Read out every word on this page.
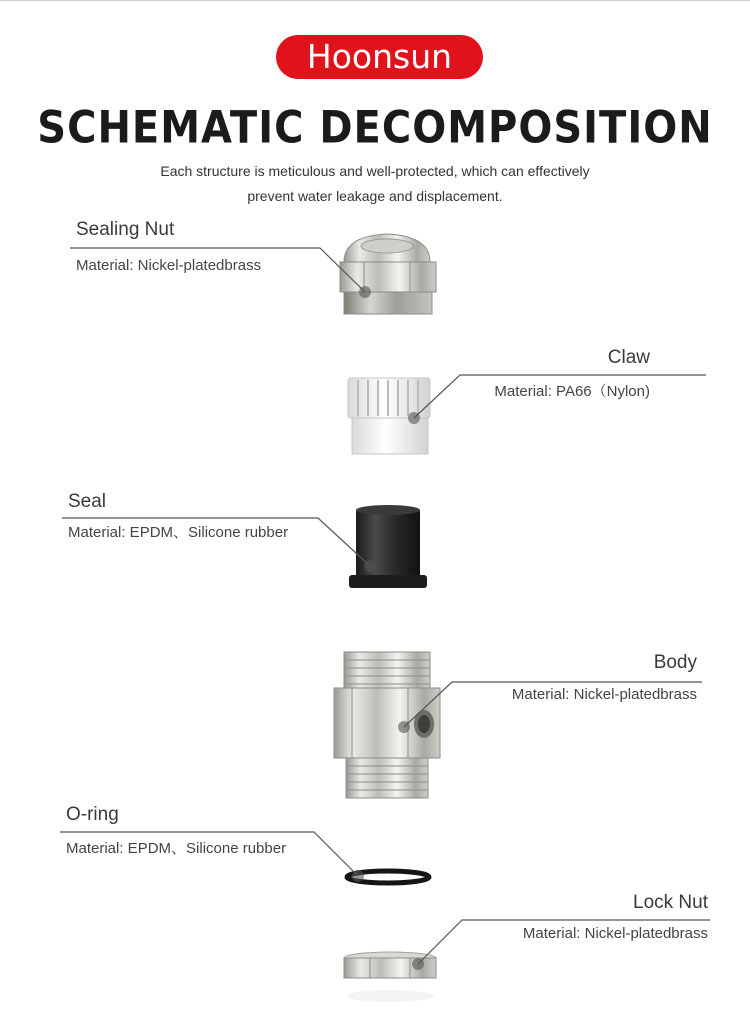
Hoonsun
SCHEMATIC DECOMPOSITION
Each structure is meticulous and well-protected, which can effectively
prevent water leakage and displacement.
Sealing Nut
Material: Nickel-platedbrass
Claw
Material: PA66（Nylon)
Seal
Material: EPDM、Silicone rubber
Body
Material: Nickel-platedbrass
O-ring
Material: EPDM、Silicone rubber
Lock Nut
Material: Nickel-platedbrass
